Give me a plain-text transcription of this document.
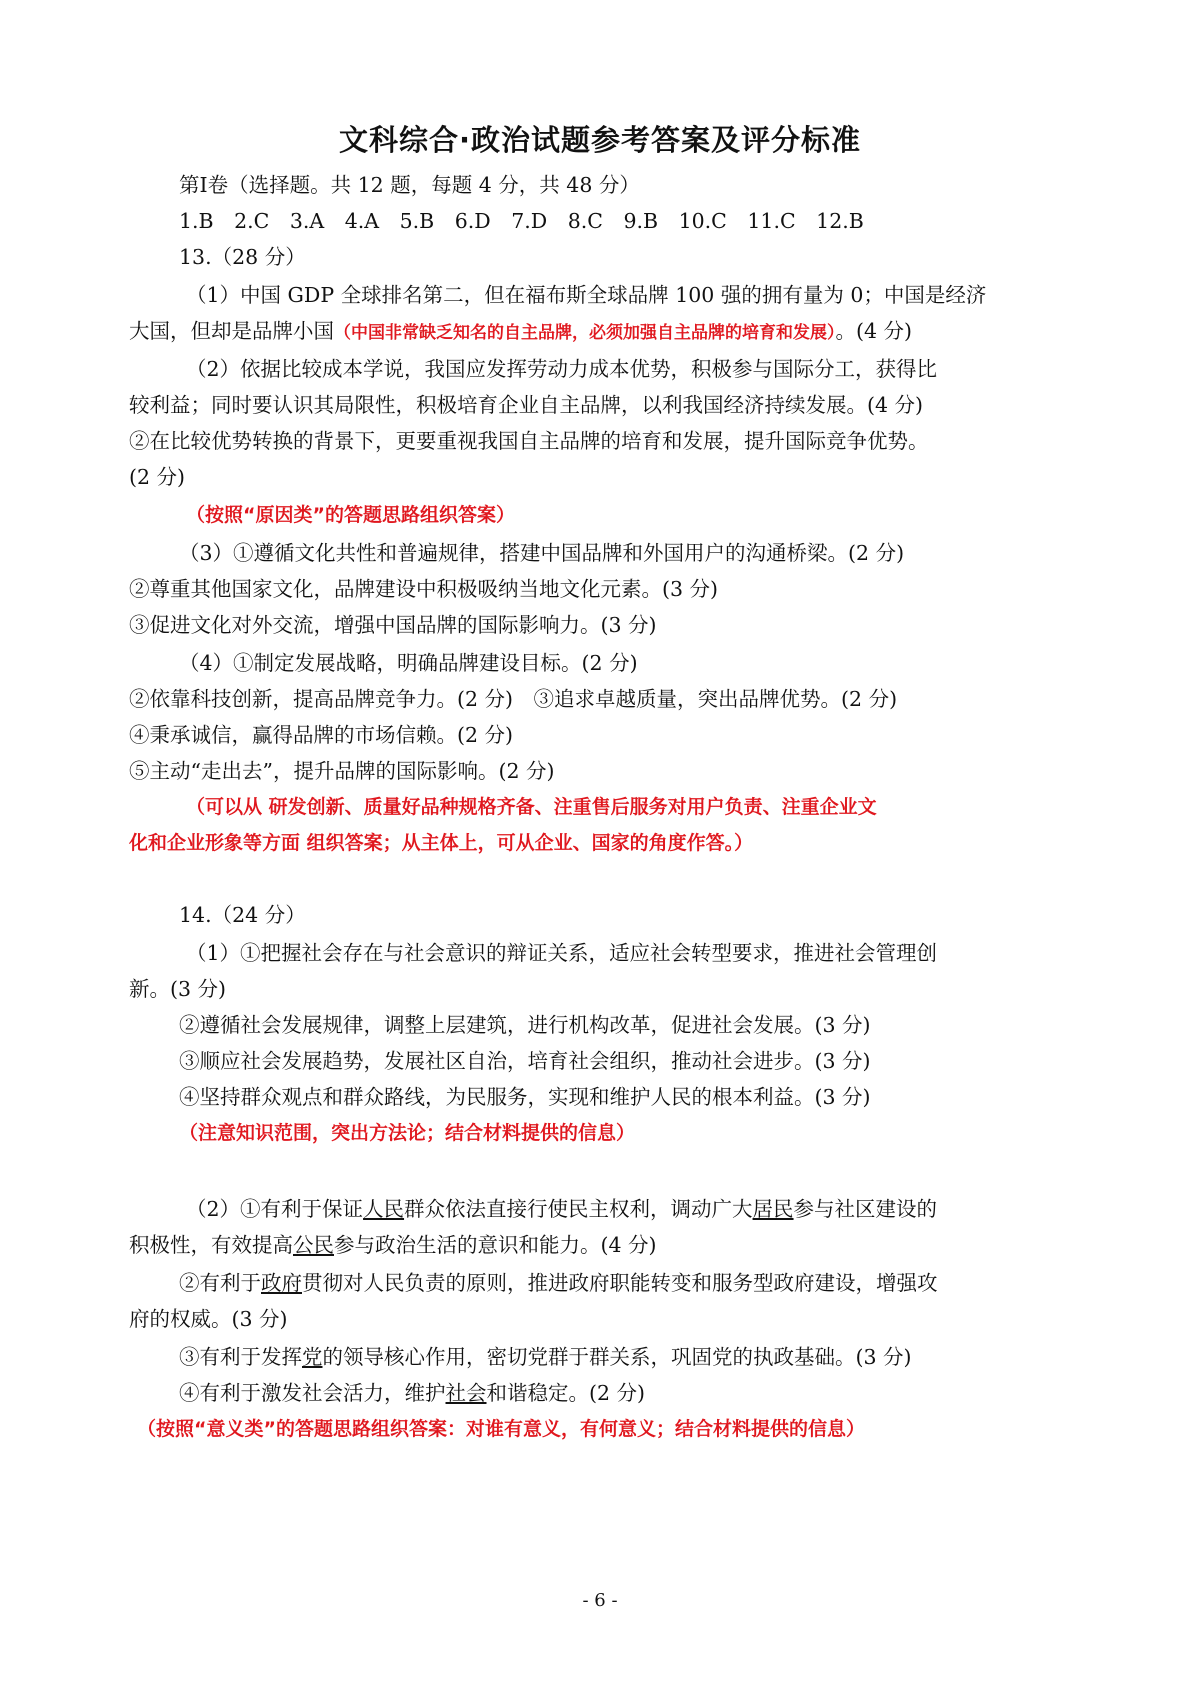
文科综合·政治试题参考答案及评分标准
第Ⅰ卷（选择题。共 12 题，每题 4 分，共 48 分）
1.B　2.C　3.A　4.A　5.B　6.D　7.D　8.C　9.B　10.C　11.C　12.B
13.（28 分）
（1）中国 GDP 全球排名第二，但在福布斯全球品牌 100 强的拥有量为 0；中国是经济
大国，但却是品牌小国（中国非常缺乏知名的自主品牌，必须加强自主品牌的培育和发展）。(4 分)
（2）依据比较成本学说，我国应发挥劳动力成本优势，积极参与国际分工，获得比
较利益；同时要认识其局限性，积极培育企业自主品牌，以利我国经济持续发展。(4 分)
②在比较优势转换的背景下，更要重视我国自主品牌的培育和发展，提升国际竞争优势。
(2 分)
（按照“原因类”的答题思路组织答案）
（3）①遵循文化共性和普遍规律，搭建中国品牌和外国用户的沟通桥梁。(2 分)
②尊重其他国家文化，品牌建设中积极吸纳当地文化元素。(3 分)
③促进文化对外交流，增强中国品牌的国际影响力。(3 分)
（4）①制定发展战略，明确品牌建设目标。(2 分)
②依靠科技创新，提高品牌竞争力。(2 分)　③追求卓越质量，突出品牌优势。(2 分)
④秉承诚信，赢得品牌的市场信赖。(2 分)
⑤主动“走出去”，提升品牌的国际影响。(2 分)
（可以从 研发创新、质量好品种规格齐备、注重售后服务对用户负责、注重企业文
化和企业形象等方面 组织答案；从主体上，可从企业、国家的角度作答。）
14.（24 分）
（1）①把握社会存在与社会意识的辩证关系，适应社会转型要求，推进社会管理创
新。(3 分)
②遵循社会发展规律，调整上层建筑，进行机构改革，促进社会发展。(3 分)
③顺应社会发展趋势，发展社区自治，培育社会组织，推动社会进步。(3 分)
④坚持群众观点和群众路线，为民服务，实现和维护人民的根本利益。(3 分)
（注意知识范围，突出方法论；结合材料提供的信息）
（2）①有利于保证人民群众依法直接行使民主权利，调动广大居民参与社区建设的
积极性，有效提高公民参与政治生活的意识和能力。(4 分)
②有利于政府贯彻对人民负责的原则，推进政府职能转变和服务型政府建设，增强攻
府的权威。(3 分)
③有利于发挥党的领导核心作用，密切党群于群关系，巩固党的执政基础。(3 分)
④有利于激发社会活力，维护社会和谐稳定。(2 分)
（按照“意义类”的答题思路组织答案：对谁有意义，有何意义；结合材料提供的信息）
- 6 -
